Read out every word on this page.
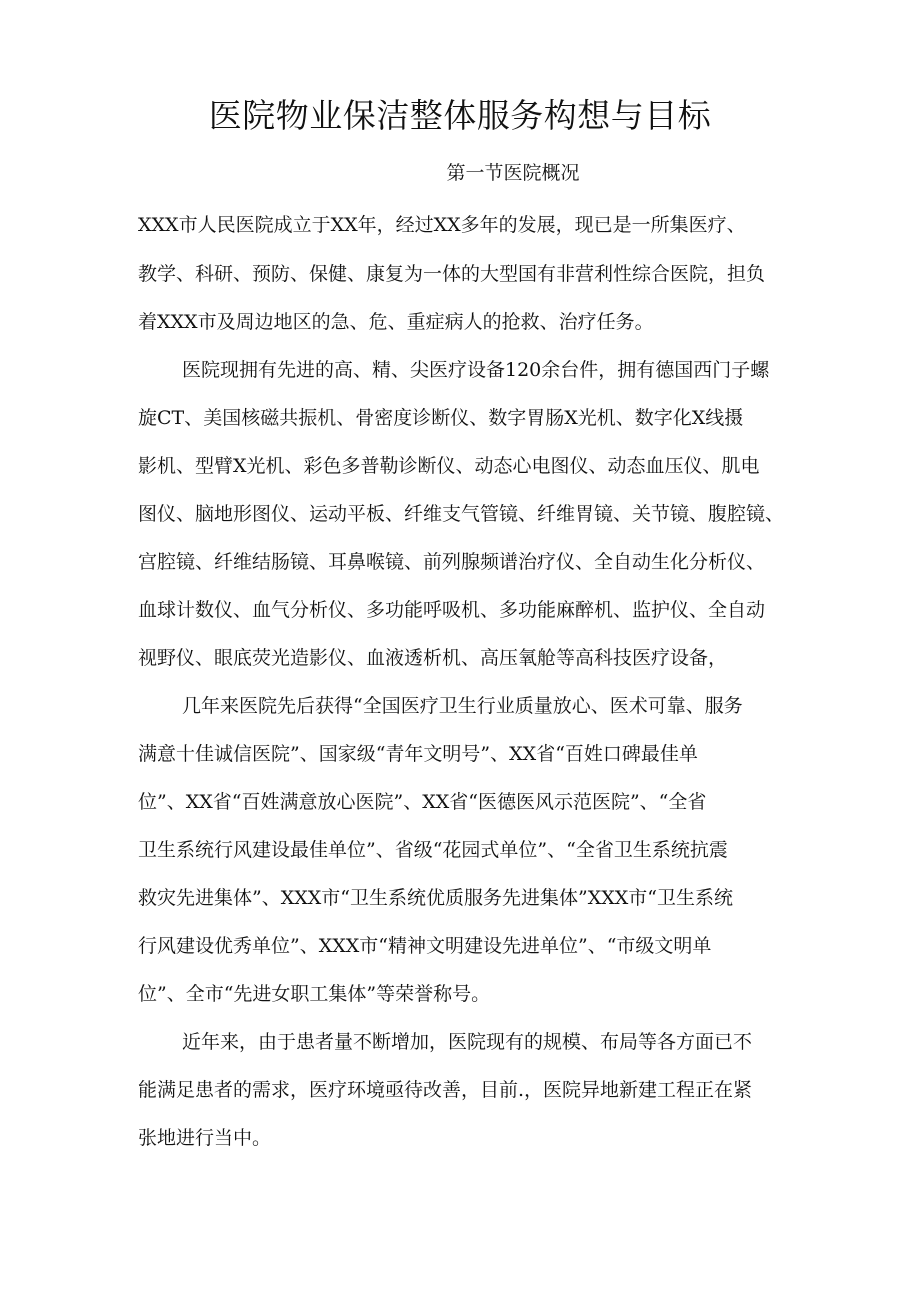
医院物业保洁整体服务构想与目标
第一节医院概况
XXX市人民医院成立于XX年，经过XX多年的发展，现已是一所集医疗、
教学、科研、预防、保健、康复为一体的大型国有非营利性综合医院，担负
着XXX市及周边地区的急、危、重症病人的抢救、治疗任务。
医院现拥有先进的高、精、尖医疗设备120余台件，拥有德国西门子螺
旋CT、美国核磁共振机、骨密度诊断仪、数字胃肠X光机、数字化X线摄
影机、型臂X光机、彩色多普勒诊断仪、动态心电图仪、动态血压仪、肌电
图仪、脑地形图仪、运动平板、纤维支气管镜、纤维胃镜、关节镜、腹腔镜、
宫腔镜、纤维结肠镜、耳鼻喉镜、前列腺频谱治疗仪、全自动生化分析仪、
血球计数仪、血气分析仪、多功能呼吸机、多功能麻醉机、监护仪、全自动
视野仪、眼底荧光造影仪、血液透析机、高压氧舱等高科技医疗设备，
几年来医院先后获得“全国医疗卫生行业质量放心、医术可靠、服务
满意十佳诚信医院”、国家级“青年文明号”、XX省“百姓口碑最佳单
位”、XX省“百姓满意放心医院”、XX省“医德医风示范医院”、“全省
卫生系统行风建设最佳单位”、省级“花园式单位”、“全省卫生系统抗震
救灾先进集体”、XXX市“卫生系统优质服务先进集体”XXX市“卫生系统
行风建设优秀单位”、XXX市“精神文明建设先进单位”、“市级文明单
位”、全市“先进女职工集体”等荣誉称号。
近年来，由于患者量不断增加，医院现有的规模、布局等各方面已不
能满足患者的需求，医疗环境亟待改善，目前.，医院异地新建工程正在紧
张地进行当中。
